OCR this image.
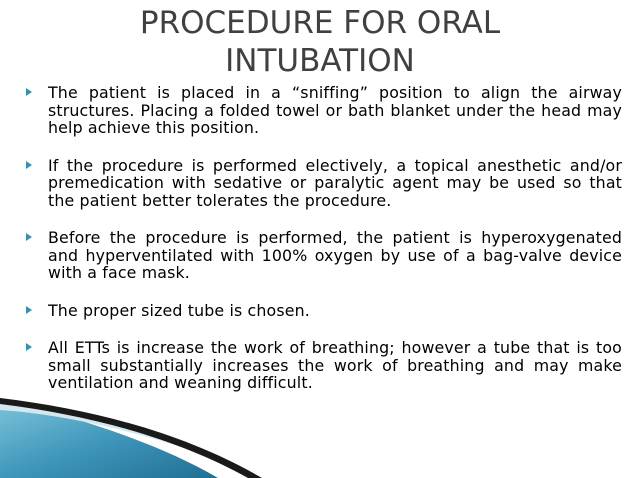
PROCEDURE FOR ORAL
INTUBATION
The patient is placed in a “sniffing” position to align the airway structures. Placing a folded towel or bath blanket under the head may help achieve this position.
If the procedure is performed electively, a topical anesthetic and/or premedication with sedative or paralytic agent may be used so that the patient better tolerates the procedure.
Before the procedure is performed, the patient is hyperoxygenated and hyperventilated with 100% oxygen by use of a bag-valve device with a face mask.
The proper sized tube is chosen.
All ETTs is increase the work of breathing; however a tube that is too small substantially increases the work of breathing and may make ventilation and weaning difficult.
